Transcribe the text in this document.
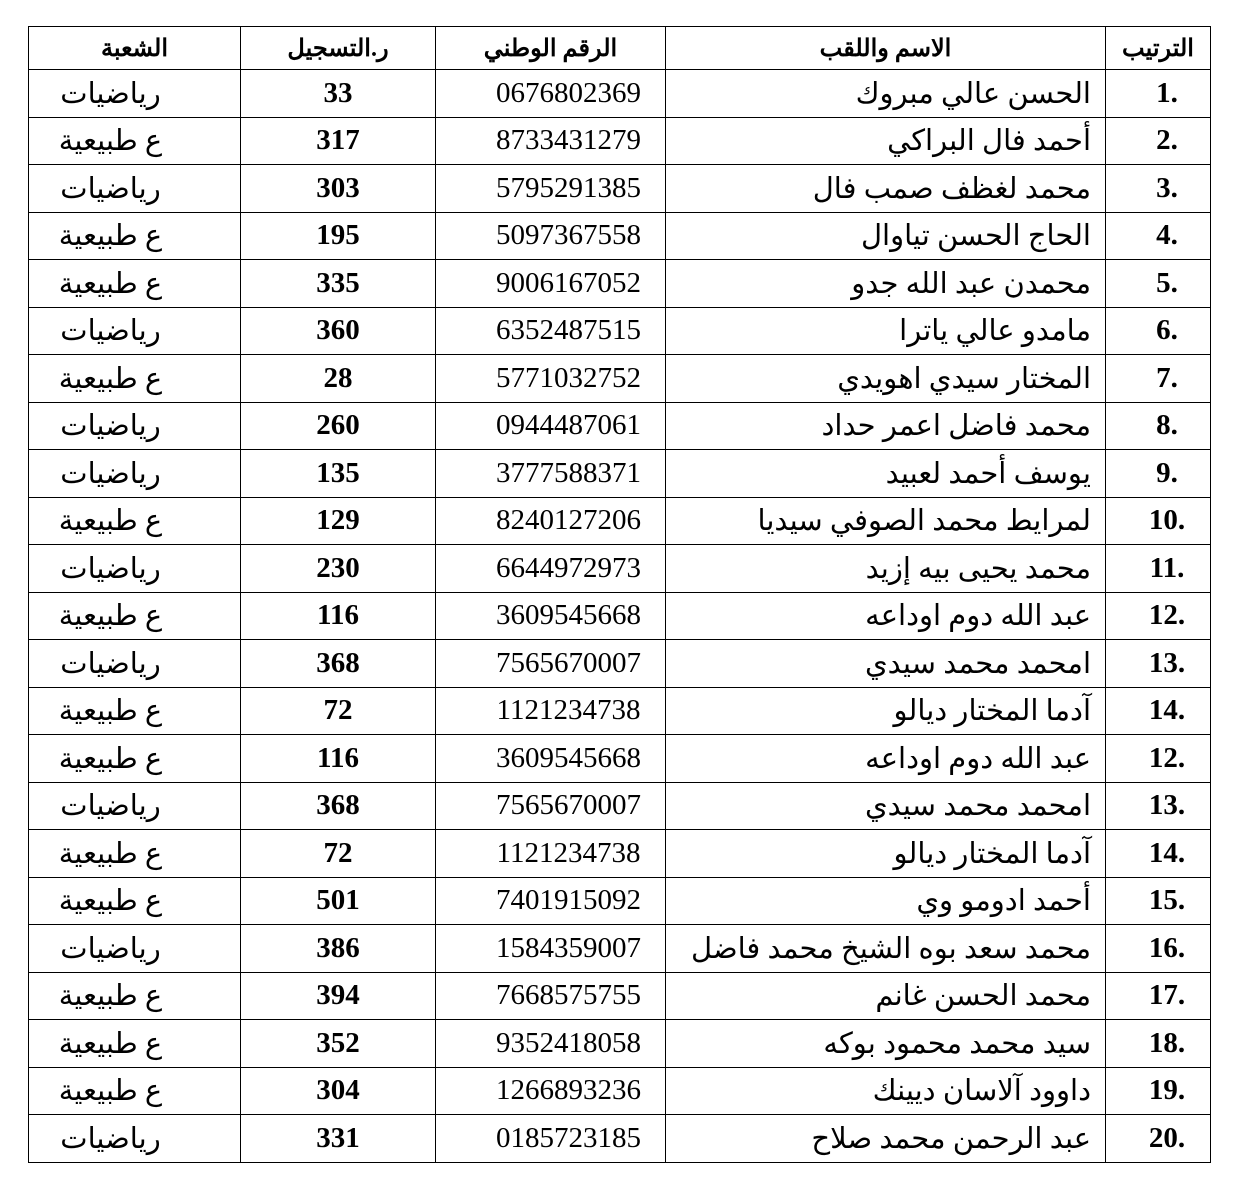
الشعبة	ر.التسجيل	الرقم الوطني	الاسم واللقب	الترتيب
رياضيات	33	0676802369	الحسن عالي مبروك	1.
ع طبيعية	317	8733431279	أحمد فال البراكي	2.
رياضيات	303	5795291385	محمد لغظف صمب فال	3.
ع طبيعية	195	5097367558	الحاج الحسن تياوال	4.
ع طبيعية	335	9006167052	محمدن عبد الله جدو	5.
رياضيات	360	6352487515	مامدو عالي ياترا	6.
ع طبيعية	28	5771032752	المختار سيدي اهويدي	7.
رياضيات	260	0944487061	محمد فاضل اعمر حداد	8.
رياضيات	135	3777588371	يوسف أحمد لعبيد	9.
ع طبيعية	129	8240127206	لمرايط محمد الصوفي سيديا	10.
رياضيات	230	6644972973	محمد يحيى بيه إزيد	11.
ع طبيعية	116	3609545668	عبد الله دوم اوداعه	12.
رياضيات	368	7565670007	امحمد محمد سيدي	13.
ع طبيعية	72	1121234738	آدما المختار ديالو	14.
ع طبيعية	116	3609545668	عبد الله دوم اوداعه	12.
رياضيات	368	7565670007	امحمد محمد سيدي	13.
ع طبيعية	72	1121234738	آدما المختار ديالو	14.
ع طبيعية	501	7401915092	أحمد ادومو وي	15.
رياضيات	386	1584359007	محمد سعد بوه الشيخ محمد فاضل	16.
ع طبيعية	394	7668575755	محمد الحسن غانم	17.
ع طبيعية	352	9352418058	سيد محمد محمود بوكه	18.
ع طبيعية	304	1266893236	داوود آلاسان ديينك	19.
رياضيات	331	0185723185	عبد الرحمن محمد صلاح	20.
